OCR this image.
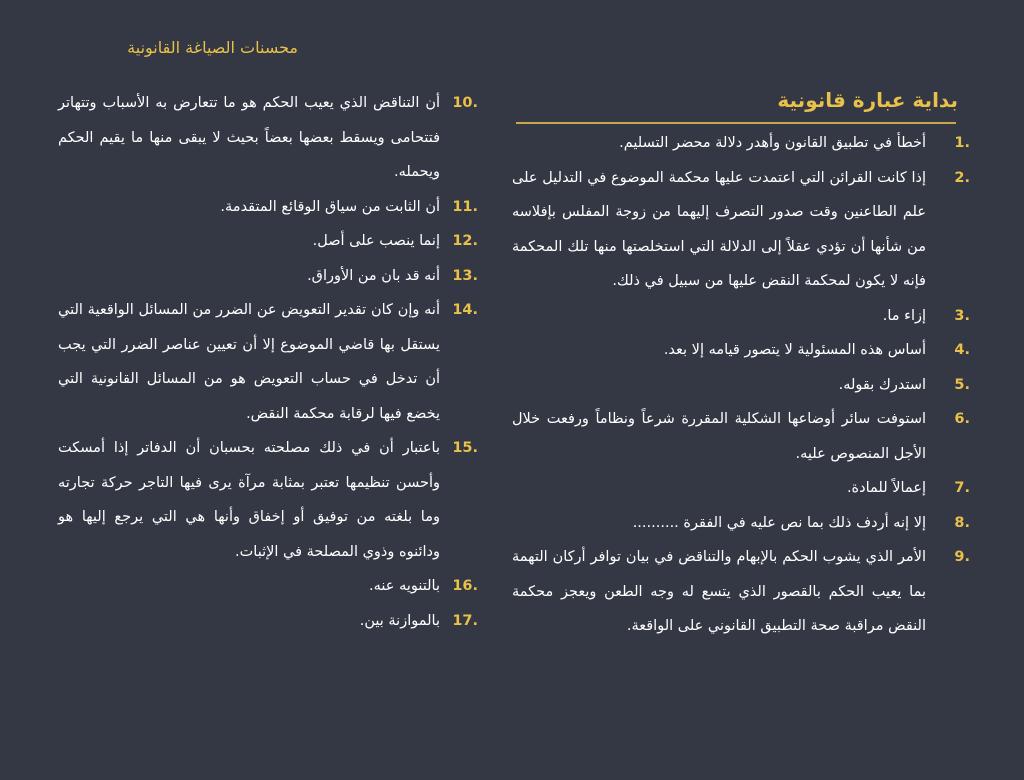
محسنات الصياغة القانونية
بداية عبارة قانونية
1.
أخطأ في تطبيق القانون وأهدر دلالة محضر التسليم.
2.
إذا كانت القرائن التي اعتمدت عليها محكمة الموضوع في التدليل على علم الطاعنين وقت صدور التصرف إليهما من زوجة المفلس بإفلاسه من شأنها أن تؤدي عقلاً إلى الدلالة التي استخلصتها منها تلك المحكمة فإنه لا يكون لمحكمة النقض عليها من سبيل في ذلك.
3.
إزاء ما.
4.
أساس هذه المسئولية لا يتصور قيامه إلا بعد.
5.
استدرك بقوله.
6.
استوفت سائر أوضاعها الشكلية المقررة شرعاً ونظاماً ورفعت خلال الأجل المنصوص عليه.
7.
إعمالاً للمادة.
8.
إلا إنه أردف ذلك بما نص عليه في الفقرة ..........
9.
الأمر الذي يشوب الحكم بالإبهام والتناقض في بيان توافر أركان التهمة بما يعيب الحكم بالقصور الذي يتسع له وجه الطعن ويعجز محكمة النقض مراقبة صحة التطبيق القانوني على الواقعة.
10.
أن التناقض الذي يعيب الحكم هو ما تتعارض به الأسباب وتتهاتر فتتحامى ويسقط بعضها بعضاً بحيث لا يبقى منها ما يقيم الحكم ويحمله.
11.
أن الثابت من سياق الوقائع المتقدمة.
12.
إنما ينصب على أصل.
13.
أنه قد بان من الأوراق.
14.
أنه وإن كان تقدير التعويض عن الضرر من المسائل الواقعية التي يستقل بها قاضي الموضوع إلا أن تعيين عناصر الضرر التي يجب أن تدخل في حساب التعويض هو من المسائل القانونية التي يخضع فيها لرقابة محكمة النقض.
15.
باعتبار أن في ذلك مصلحته بحسبان أن الدفاتر إذا أمسكت وأحسن تنظيمها تعتبر بمثابة مرآة يرى فيها التاجر حركة تجارته وما بلغته من توفيق أو إخفاق وأنها هي التي يرجع إليها هو ودائنوه وذوي المصلحة في الإثبات.
16.
بالتنويه عنه.
17.
بالموازنة بين.
